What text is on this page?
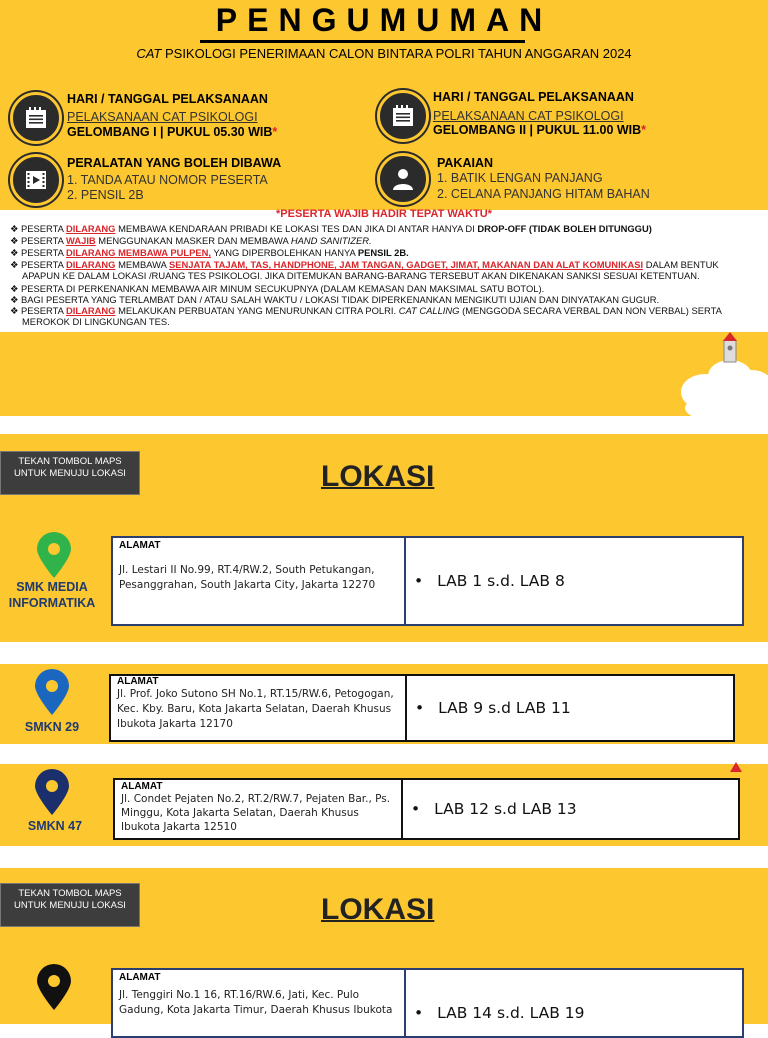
PENGUMUMAN
CAT PSIKOLOGI PENERIMAAN CALON BINTARA POLRI TAHUN ANGGARAN 2024
HARI / TANGGAL PELAKSANAAN
PELAKSANAAN CAT PSIKOLOGI
GELOMBANG I | PUKUL 05.30 WIB*
HARI / TANGGAL PELAKSANAAN
PELAKSANAAN CAT PSIKOLOGI
GELOMBANG II | PUKUL 11.00 WIB*
PERALATAN YANG BOLEH DIBAWA
1. TANDA ATAU NOMOR PESERTA
2. PENSIL 2B
PAKAIAN
1. BATIK LENGAN PANJANG
2. CELANA PANJANG HITAM BAHAN
*PESERTA WAJIB HADIR TEPAT WAKTU*
❖ PESERTA DILARANG MEMBAWA KENDARAAN PRIBADI KE LOKASI TES DAN JIKA DI ANTAR HANYA DI DROP-OFF (TIDAK BOLEH DITUNGGU)
❖ PESERTA WAJIB MENGGUNAKAN MASKER DAN MEMBAWA HAND SANITIZER.
❖ PESERTA DILARANG MEMBAWA PULPEN, YANG DIPERBOLEHKAN HANYA PENSIL 2B.
❖ PESERTA DILARANG MEMBAWA SENJATA TAJAM, TAS, HANDPHONE, JAM TANGAN, GADGET, JIMAT, MAKANAN DAN ALAT KOMUNIKASI DALAM BENTUK
APAPUN KE DALAM LOKASI /RUANG TES PSIKOLOGI. JIKA DITEMUKAN BARANG-BARANG TERSEBUT AKAN DIKENAKAN SANKSI SESUAI KETENTUAN.
❖ PESERTA DI PERKENANKAN MEMBAWA AIR MINUM SECUKUPNYA (DALAM KEMASAN DAN MAKSIMAL SATU BOTOL).
❖ BAGI PESERTA YANG TERLAMBAT DAN / ATAU SALAH WAKTU / LOKASI TIDAK DIPERKENANKAN MENGIKUTI UJIAN DAN DINYATAKAN GUGUR.
❖ PESERTA DILARANG MELAKUKAN PERBUATAN YANG MENURUNKAN CITRA POLRI. CAT CALLING (MENGGODA SECARA VERBAL DAN NON VERBAL) SERTA
MEROKOK DI LINGKUNGAN TES.
TEKAN TOMBOL MAPS UNTUK MENUJU LOKASI	LOKASI
SMK MEDIA INFORMATIKA
ALAMAT
Jl. Lestari II No.99, RT.4/RW.2, South Petukangan, Pesanggrahan, South Jakarta City, Jakarta 12270	• LAB 1 s.d. LAB 8
SMKN 29
ALAMAT
Jl. Prof. Joko Sutono SH No.1, RT.15/RW.6, Petogogan, Kec. Kby. Baru, Kota Jakarta Selatan, Daerah Khusus Ibukota Jakarta 12170
• LAB 9 s.d LAB 11
SMKN 47
ALAMAT
Jl. Condet Pejaten No.2, RT.2/RW.7, Pejaten Bar., Ps. Minggu, Kota Jakarta Selatan, Daerah Khusus Ibukota Jakarta 12510
• LAB 12 s.d LAB 13
TEKAN TOMBOL MAPS UNTUK MENUJU LOKASI	LOKASI
ALAMAT
Jl. Tenggiri No.1 16, RT.16/RW.6, Jati, Kec. Pulo Gadung, Kota Jakarta Timur, Daerah Khusus Ibukota	• LAB 14 s.d. LAB 19
